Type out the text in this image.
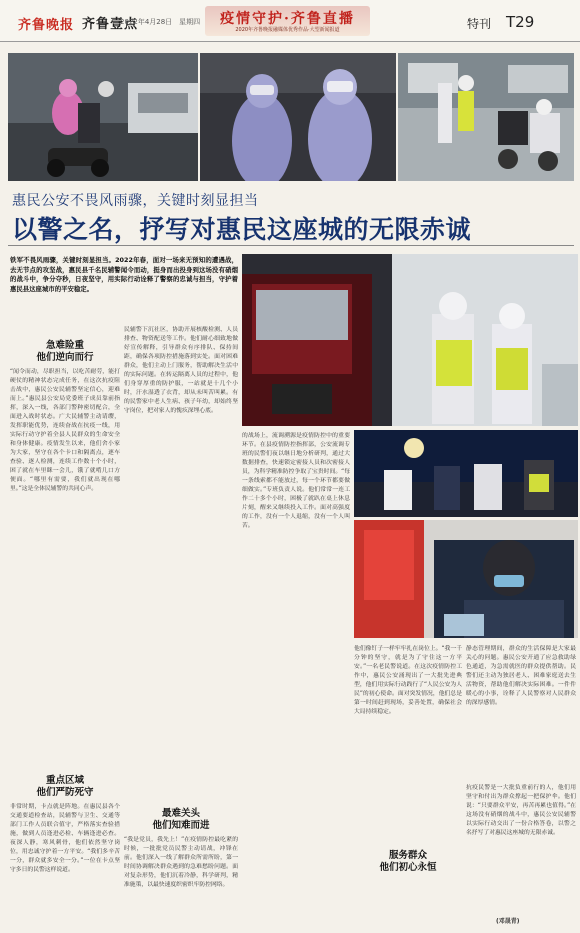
齐鲁晚报 齐鲁壹点
2022年4月28日　星期四	疫情守护·齐鲁直播
2020年齐鲁晚报融媒体优秀作品·大型新闻报道	特刊 T29
惠民公安不畏风雨骤，关键时刻显担当
以警之名，抒写对惠民这座城的无限赤诚
铁军不畏风雨骤，关键时刻显担当。2022年春，面对一场来无预知的遭遇战，去无节点的攻坚战，惠民县千名民辅警闻令而动，挺身而出投身到这场没有硝烟的战斗中，争分夺秒，日夜坚守，用实际行动诠释了警察的忠诚与担当，守护着惠民县这座城市的平安稳定。
急难险重
他们逆向而行
“闻令而动，尽职担当，以吃苦耐劳，能打硬仗的精神状态完成任务，在这次抗疫阻击战中，惠民公安民辅警坚定信心，迎难而上。”惠民县公安局党委班子成员靠前指挥，深入一线，各部门警种密切配合，全面进入战时状态。广大民辅警主动请缨，发挥职能优势，连续奋战在抗疫一线，用实际行动守护着全县人民群众的生命安全和身体健康。疫情发生以来，他们舍小家为大家，坚守在各个卡口和隔离点，逐车查验、逐人检测，连续工作数十个小时，困了就在车里眯一会儿，饿了就啃几口方便面。“哪里有需要，我们就出现在哪里。”这是全体民辅警的共同心声。
重点区域
他们严防死守
非常时期，卡点就是阵地。在惠民县各个交通要道检查站，民辅警与卫生、交通等部门工作人员联合值守，严格落实查验措施，做到人员逢进必检、车辆逢进必查。夜深人静，寒风刺骨，他们依然坚守岗位，用忠诚守护着一方平安。“我们多辛苦一分，群众就多安全一分。”一位在卡点坚守多日的民警这样说道。
民辅警下沉社区，协助开展核酸检测、人员排查、物资配送等工作。他们耐心细致地做好宣传解释，引导群众有序排队、保持间距，确保各项防控措施落到实处。面对困难群众，他们主动上门服务，帮助解决生活中的实际问题。在转运隔离人员的过程中，他们身穿厚重的防护服，一站就是十几个小时，汗水湿透了衣背，却从未叫苦叫累。有的民警家中老人生病、孩子年幼，却始终坚守岗位，把对家人的愧疚深埋心底。
最难关头
他们知难而进
“我是党员，我先上！”在疫情防控最吃紧的时候，一批批党员民警主动请战，冲锋在前。他们深入一线了解群众所需所盼，第一时间协调解决群众遇到的急难愁盼问题。面对复杂形势，他们沉着冷静，科学研判，精准施策，以最快速度织密织牢防控网络。
的战场上，流调溯源是疫情防控中的重要环节。在县疫情防控指挥部，公安流调专班的民警们夜以继日地分析研判，通过大数据排查，快速锁定密接人员和次密接人员，为科学精准防控争取了宝贵时间。“每一条线索都不能放过，每一个环节都要做细做实。”专班负责人说。他们常常一连工作二十多个小时，困极了就趴在桌上休息片刻，醒来又继续投入工作。面对高强度的工作，没有一个人退缩，没有一个人叫苦。
他们像钉子一样牢牢扎在岗位上。“我一千分钟的坚守，就是为了守住这一方平安。”一名老民警说道。在这次疫情防控工作中，惠民公安涌现出了一大批先进典型，他们用实际行动践行了“人民公安为人民”的初心使命。面对突发情况，他们总是第一时间赶到现场，妥善处置，确保社会大局持续稳定。
服务群众
他们初心永恒
静态管理期间，群众的生活保障是大家最关心的问题。惠民公安开通了应急救助绿色通道，为急需就医的群众提供帮助。民警们还主动为独居老人、困难家庭送去生活物资，帮助他们解决实际困难。一件件暖心的小事，诠释了人民警察对人民群众的深厚感情。
抗疫民警是一大批负重前行的人，他们用坚守和付出为群众撑起一把保护伞。他们说：“只要群众平安，再苦再累也值得。”在这场没有硝烟的战斗中，惠民公安民辅警以实际行动交出了一份合格答卷，以警之名抒写了对惠民这座城的无限赤诚。
(邓晟青)
